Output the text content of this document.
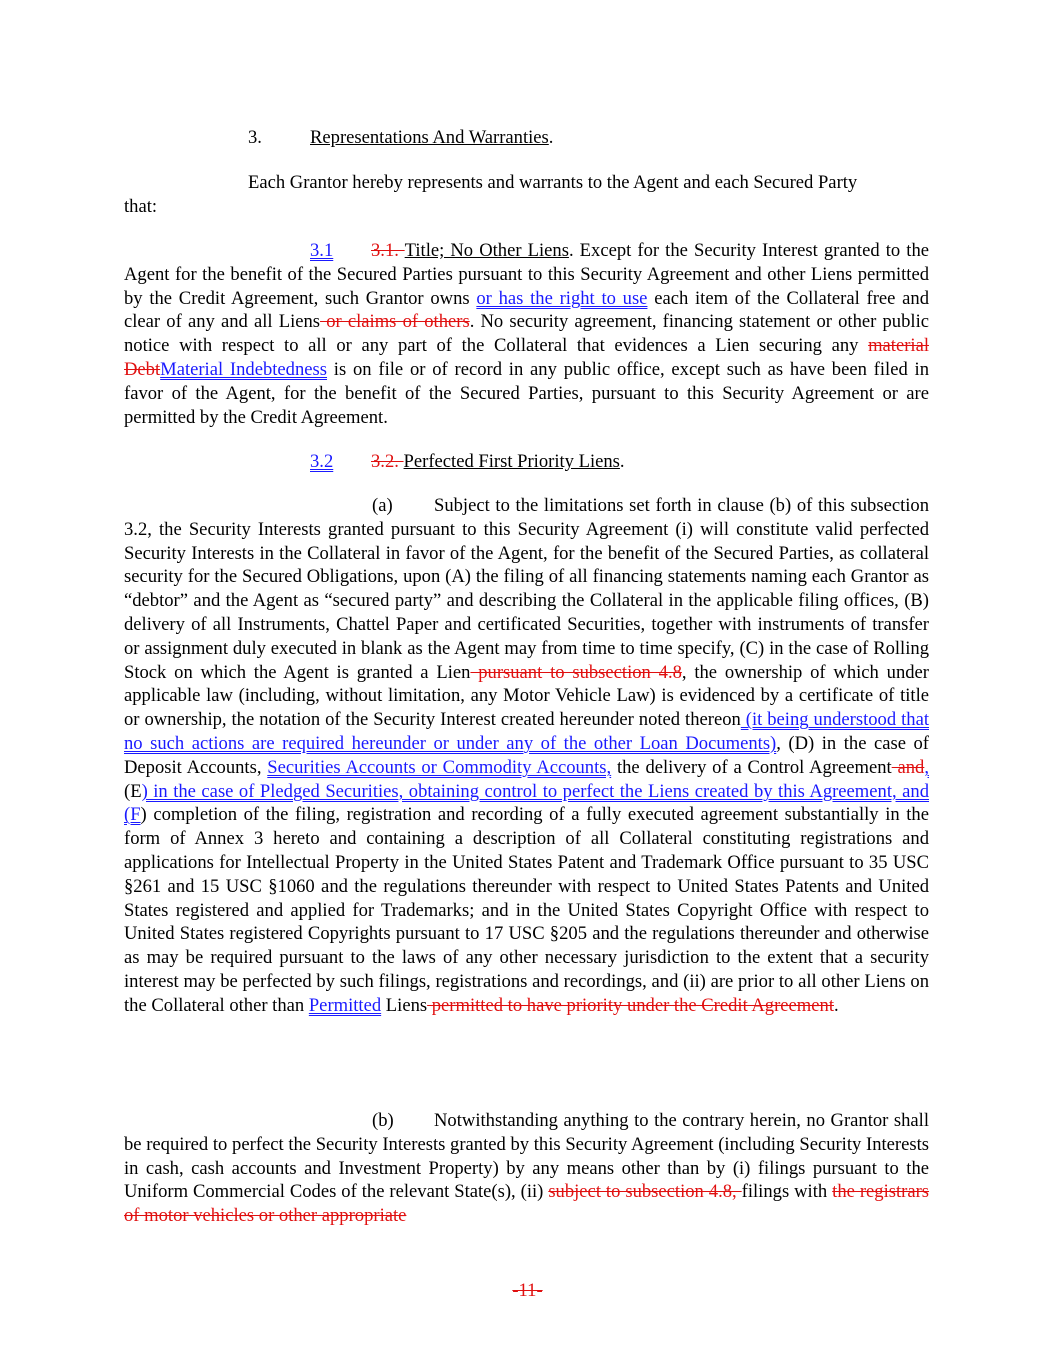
3.	Representations And Warranties.
Each Grantor hereby represents and warrants to the Agent and each Secured Party
that:

3.1 3.1. Title; No Other Liens. Except for the Security Interest granted to the Agent for the benefit of the Secured Parties pursuant to this Security Agreement and other Liens permitted by the Credit Agreement, such Grantor owns or has the right to use each item of the Collateral free and clear of any and all Liens or claims of others. No security agreement, financing statement or other public notice with respect to all or any part of the Collateral that evidences a Lien securing any material DebtMaterial Indebtedness is on file or of record in any public office, except such as have been filed in favor of the Agent, for the benefit of the Secured Parties, pursuant to this Security Agreement or are permitted by the Credit Agreement.

3.2 3.2. Perfected First Priority Liens.

(a) Subject to the limitations set forth in clause (b) of this subsection 3.2, the Security Interests granted pursuant to this Security Agreement (i) will constitute valid perfected Security Interests in the Collateral in favor of the Agent, for the benefit of the Secured Parties, as collateral security for the Secured Obligations, upon (A) the filing of all financing statements naming each Grantor as “debtor” and the Agent as “secured party” and describing the Collateral in the applicable filing offices, (B) delivery of all Instruments, Chattel Paper and certificated Securities, together with instruments of transfer or assignment duly executed in blank as the Agent may from time to time specify, (C) in the case of Rolling Stock on which the Agent is granted a Lien pursuant to subsection 4.8, the ownership of which under applicable law (including, without limitation, any Motor Vehicle Law) is evidenced by a certificate of title or ownership, the notation of the Security Interest created hereunder noted thereon (it being understood that no such actions are required hereunder or under any of the other Loan Documents), (D) in the case of Deposit Accounts, Securities Accounts or Commodity Accounts, the delivery of a Control Agreement and, (E) in the case of Pledged Securities, obtaining control to perfect the Liens created by this Agreement, and (F) completion of the filing, registration and recording of a fully executed agreement substantially in the form of Annex 3 hereto and containing a description of all Collateral constituting registrations and applications for Intellectual Property in the United States Patent and Trademark Office pursuant to 35 USC §261 and 15 USC §1060 and the regulations thereunder with respect to United States Patents and United States registered and applied for Trademarks; and in the United States Copyright Office with respect to United States registered Copyrights pursuant to 17 USC §205 and the regulations thereunder and otherwise as may be required pursuant to the laws of any other necessary jurisdiction to the extent that a security interest may be perfected by such filings, registrations and recordings, and (ii) are prior to all other Liens on the Collateral other than Permitted Liens permitted to have priority under the Credit Agreement.

(b) Notwithstanding anything to the contrary herein, no Grantor shall be required to perfect the Security Interests granted by this Security Agreement (including Security Interests in cash, cash accounts and Investment Property) by any means other than by (i) filings pursuant to the Uniform Commercial Codes of the relevant State(s), (ii) subject to subsection 4.8, filings with the registrars of motor vehicles or other appropriate

-11-
